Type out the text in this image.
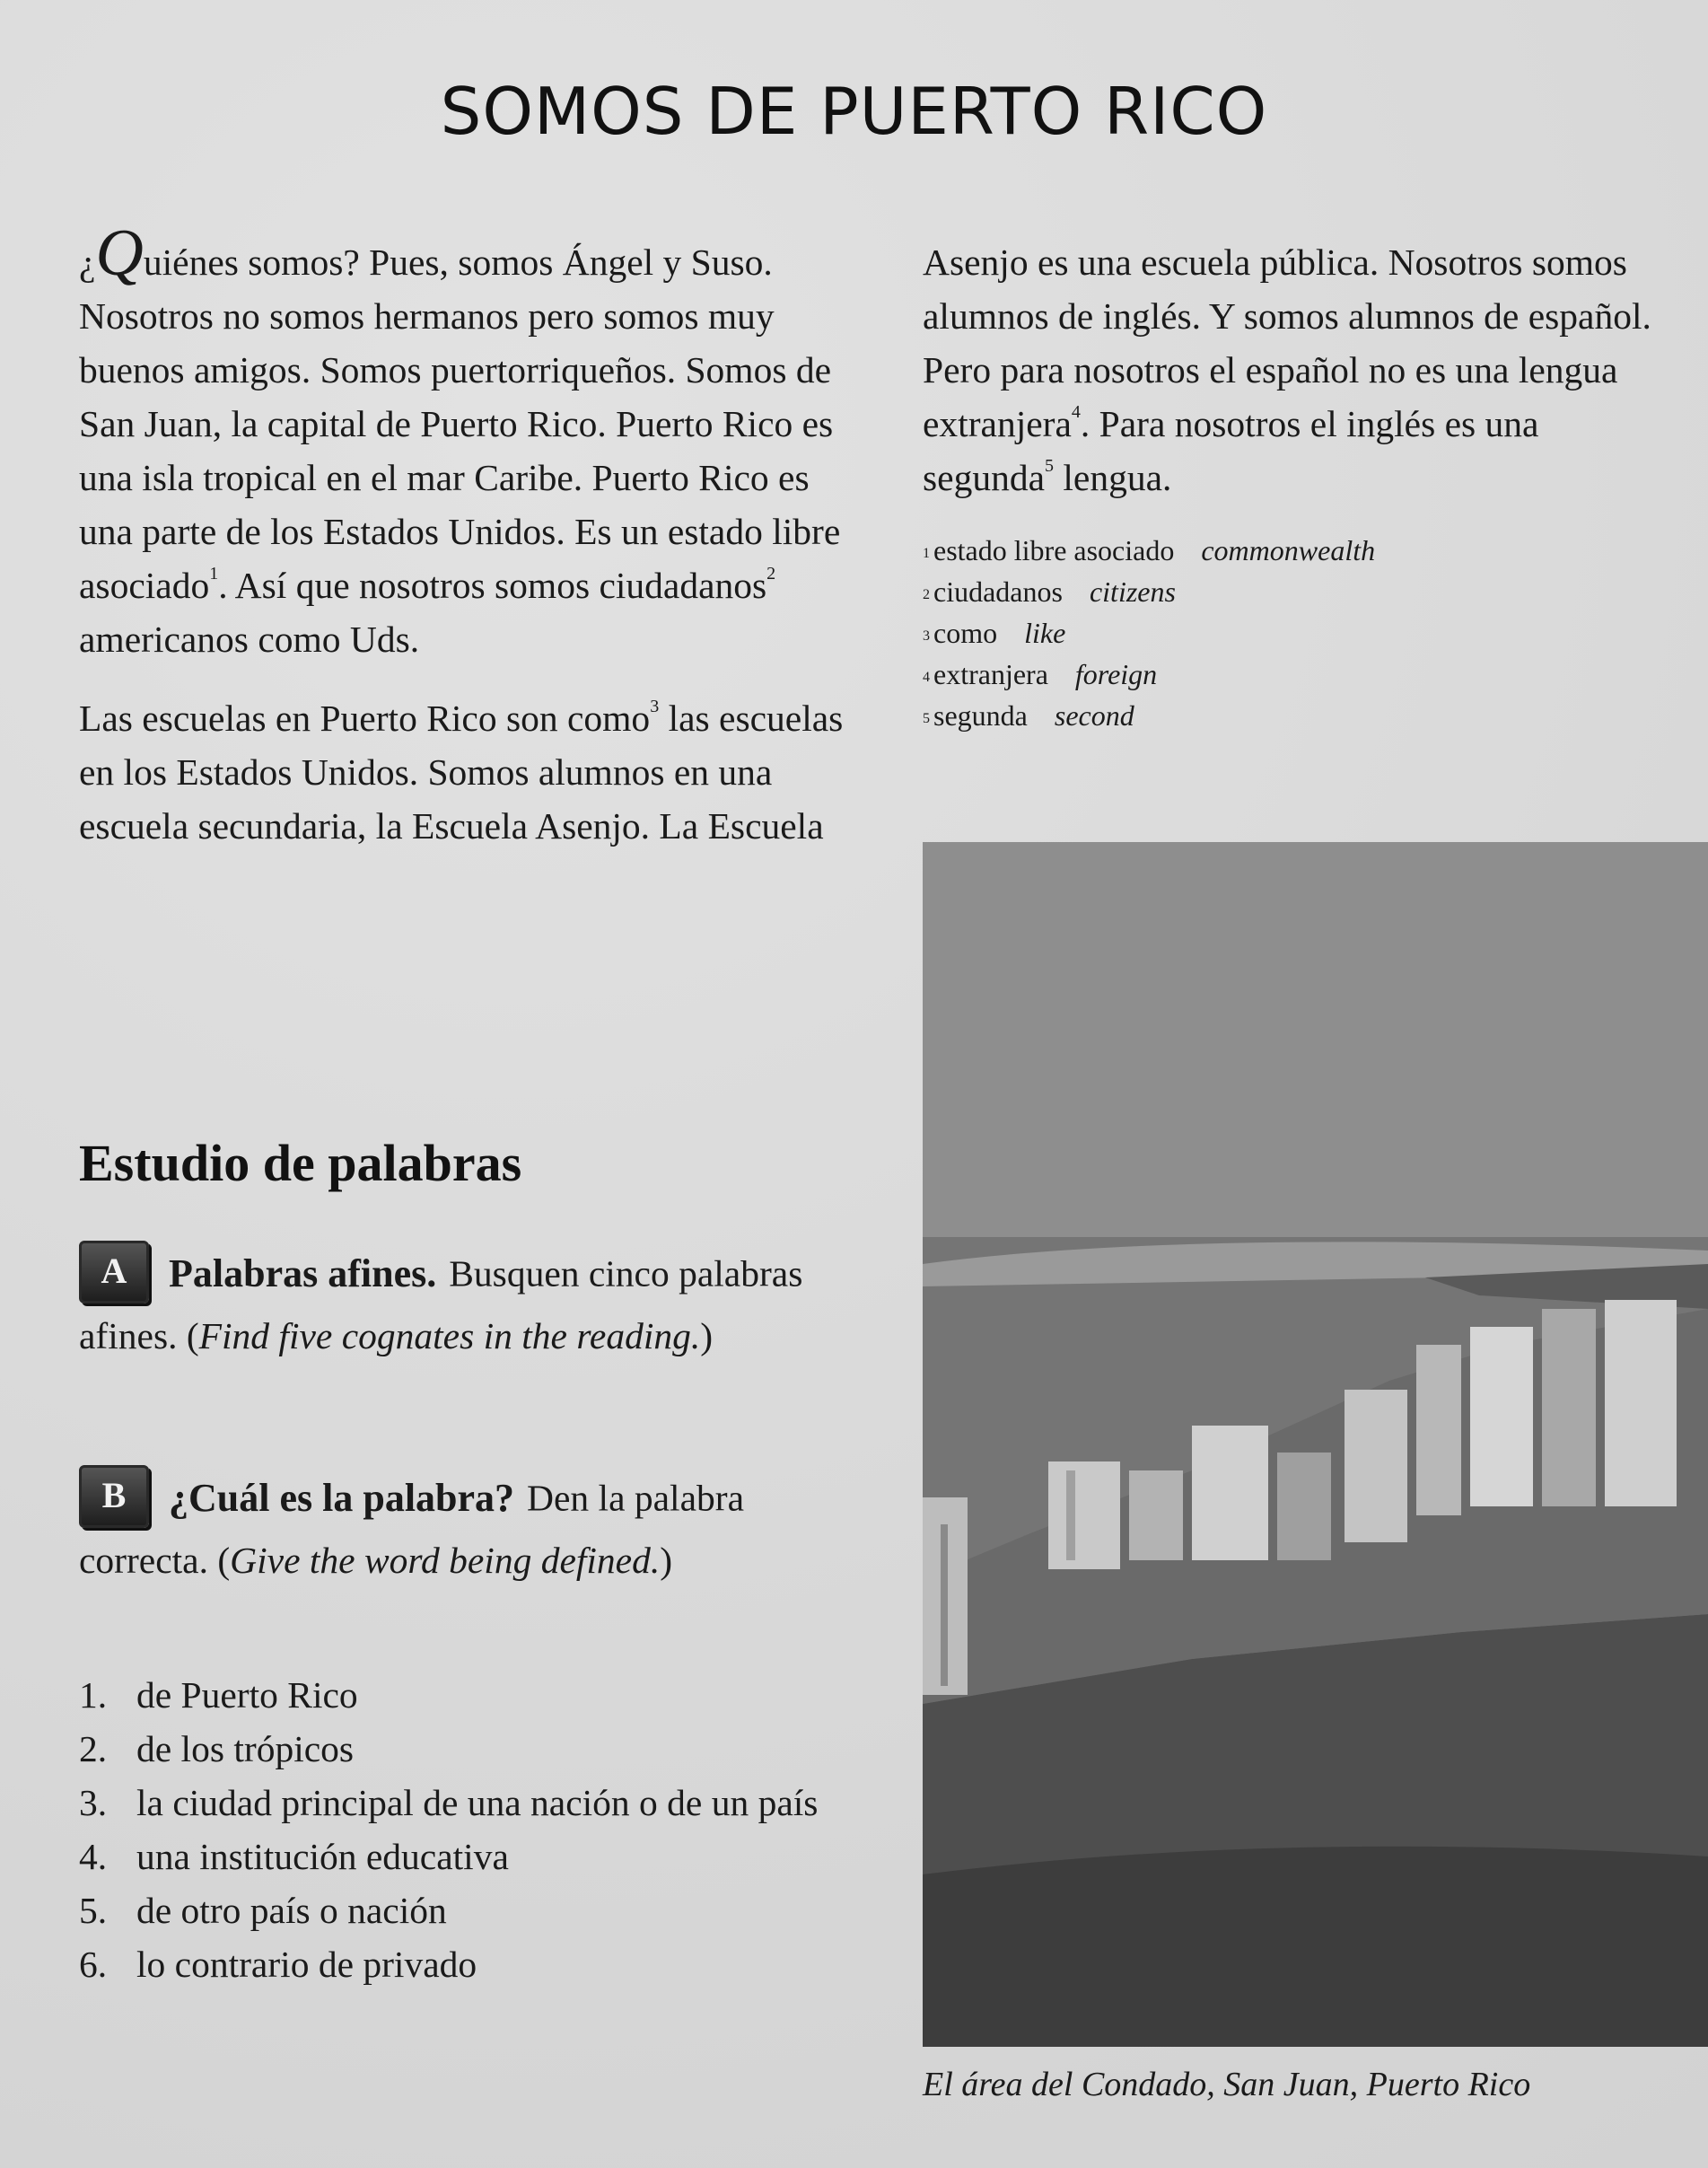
SOMOS DE PUERTO RICO

¿Quiénes somos? Pues, somos Ángel y Suso. Nosotros no somos hermanos pero somos muy buenos amigos. Somos puertorriqueños. Somos de San Juan, la capital de Puerto Rico. Puerto Rico es una isla tropical en el mar Caribe. Puerto Rico es una parte de los Estados Unidos. Es un estado libre asociado$^1$. Así que nosotros somos ciudadanos$^2$ americanos como Uds.

Las escuelas en Puerto Rico son como$^3$ las escuelas en los Estados Unidos. Somos alumnos en una escuela secundaria, la Escuela Asenjo. La Escuela

Asenjo es una escuela pública. Nosotros somos alumnos de inglés. Y somos alumnos de español. Pero para nosotros el español no es una lengua extranjera$^4$. Para nosotros el inglés es una segunda$^5$ lengua.

$^1$ estado libre asociado commonwealth
$^2$ ciudadanos citizens
$^3$ como like
$^4$ extranjera foreign
$^5$ segunda second
Estudio de palabras
A Palabras afines. Busquen cinco palabras afines. (Find five cognates in the reading.)
B ¿Cuál es la palabra? Den la palabra correcta. (Give the word being defined.)
1. de Puerto Rico
2. de los trópicos
3. la ciudad principal de una nación o de un país
4. una institución educativa
5. de otro país o nación
6. lo contrario de privado
El área del Condado, San Juan, Puerto Rico
